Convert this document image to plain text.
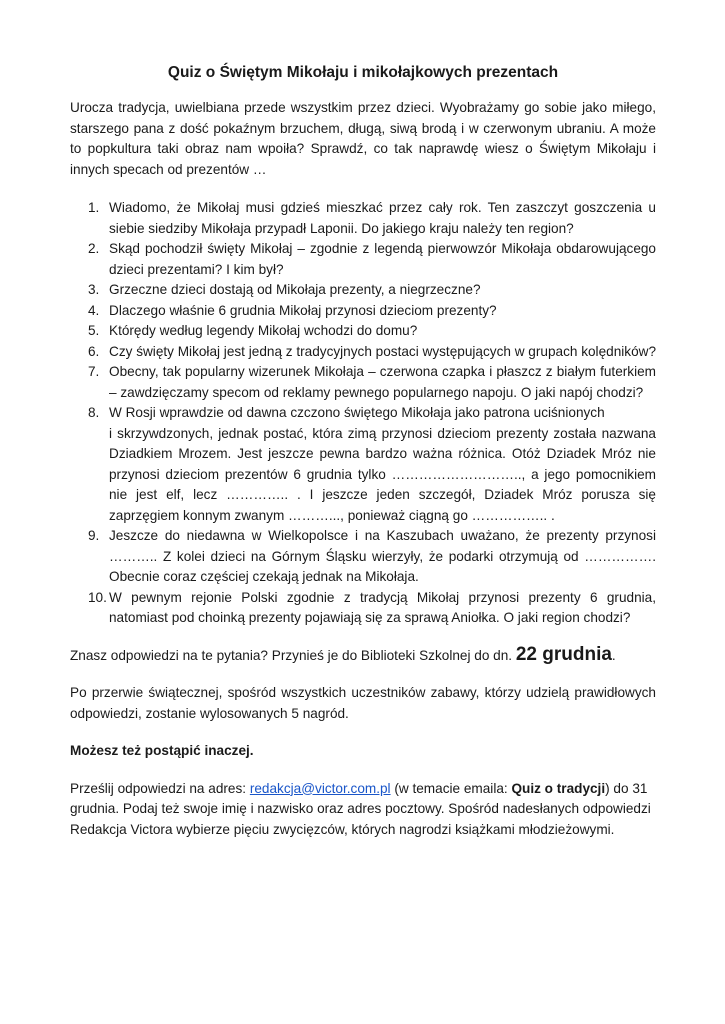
Quiz o Świętym Mikołaju i mikołajkowych prezentach

Urocza tradycja, uwielbiana przede wszystkim przez dzieci. Wyobrażamy go sobie jako miłego, starszego pana z dość pokaźnym brzuchem, długą, siwą brodą i w czerwonym ubraniu. A może to popkultura taki obraz nam wpoiła? Sprawdź, co tak naprawdę wiesz o Świętym Mikołaju i innych specach od prezentów …

1. Wiadomo, że Mikołaj musi gdzieś mieszkać przez cały rok. Ten zaszczyt goszczenia u siebie siedziby Mikołaja przypadł Laponii. Do jakiego kraju należy ten region?
2. Skąd pochodził święty Mikołaj – zgodnie z legendą pierwowzór Mikołaja obdarowującego dzieci prezentami? I kim był?
3. Grzeczne dzieci dostają od Mikołaja prezenty, a niegrzeczne?
4. Dlaczego właśnie 6 grudnia Mikołaj przynosi dzieciom prezenty?
5. Którędy według legendy Mikołaj wchodzi do domu?
6. Czy święty Mikołaj jest jedną z tradycyjnych postaci występujących w grupach kolędników?
7. Obecny, tak popularny wizerunek Mikołaja – czerwona czapka i płaszcz z białym futerkiem – zawdzięczamy specom od reklamy pewnego popularnego napoju. O jaki napój chodzi?
8. W Rosji wprawdzie od dawna czczono świętego Mikołaja jako patrona uciśnionych
i skrzywdzonych, jednak postać, która zimą przynosi dzieciom prezenty została nazwana Dziadkiem Mrozem. Jest jeszcze pewna bardzo ważna różnica. Otóż Dziadek Mróz nie przynosi dzieciom prezentów 6 grudnia tylko ……………………….., a jego pomocnikiem nie jest elf, lecz ………….. . I jeszcze jeden szczegół, Dziadek Mróz porusza się zaprzęgiem konnym zwanym ………..., ponieważ ciągną go …………….. .
9. Jeszcze do niedawna w Wielkopolsce i na Kaszubach uważano, że prezenty przynosi ……….. Z kolei dzieci na Górnym Śląsku wierzyły, że podarki otrzymują od ……………. Obecnie coraz częściej czekają jednak na Mikołaja.
10. W pewnym rejonie Polski zgodnie z tradycją Mikołaj przynosi prezenty 6 grudnia, natomiast pod choinką prezenty pojawiają się za sprawą Aniołka. O jaki region chodzi?

Znasz odpowiedzi na te pytania? Przynieś je do Biblioteki Szkolnej do dn. 22 grudnia.

Po przerwie świątecznej, spośród wszystkich uczestników zabawy, którzy udzielą prawidłowych odpowiedzi, zostanie wylosowanych 5 nagród.

Możesz też postąpić inaczej.

Prześlij odpowiedzi na adres: redakcja@victor.com.pl (w temacie emaila: Quiz o tradycji) do 31 grudnia. Podaj też swoje imię i nazwisko oraz adres pocztowy. Spośród nadesłanych odpowiedzi Redakcja Victora wybierze pięciu zwycięzców, których nagrodzi książkami młodzieżowymi.
